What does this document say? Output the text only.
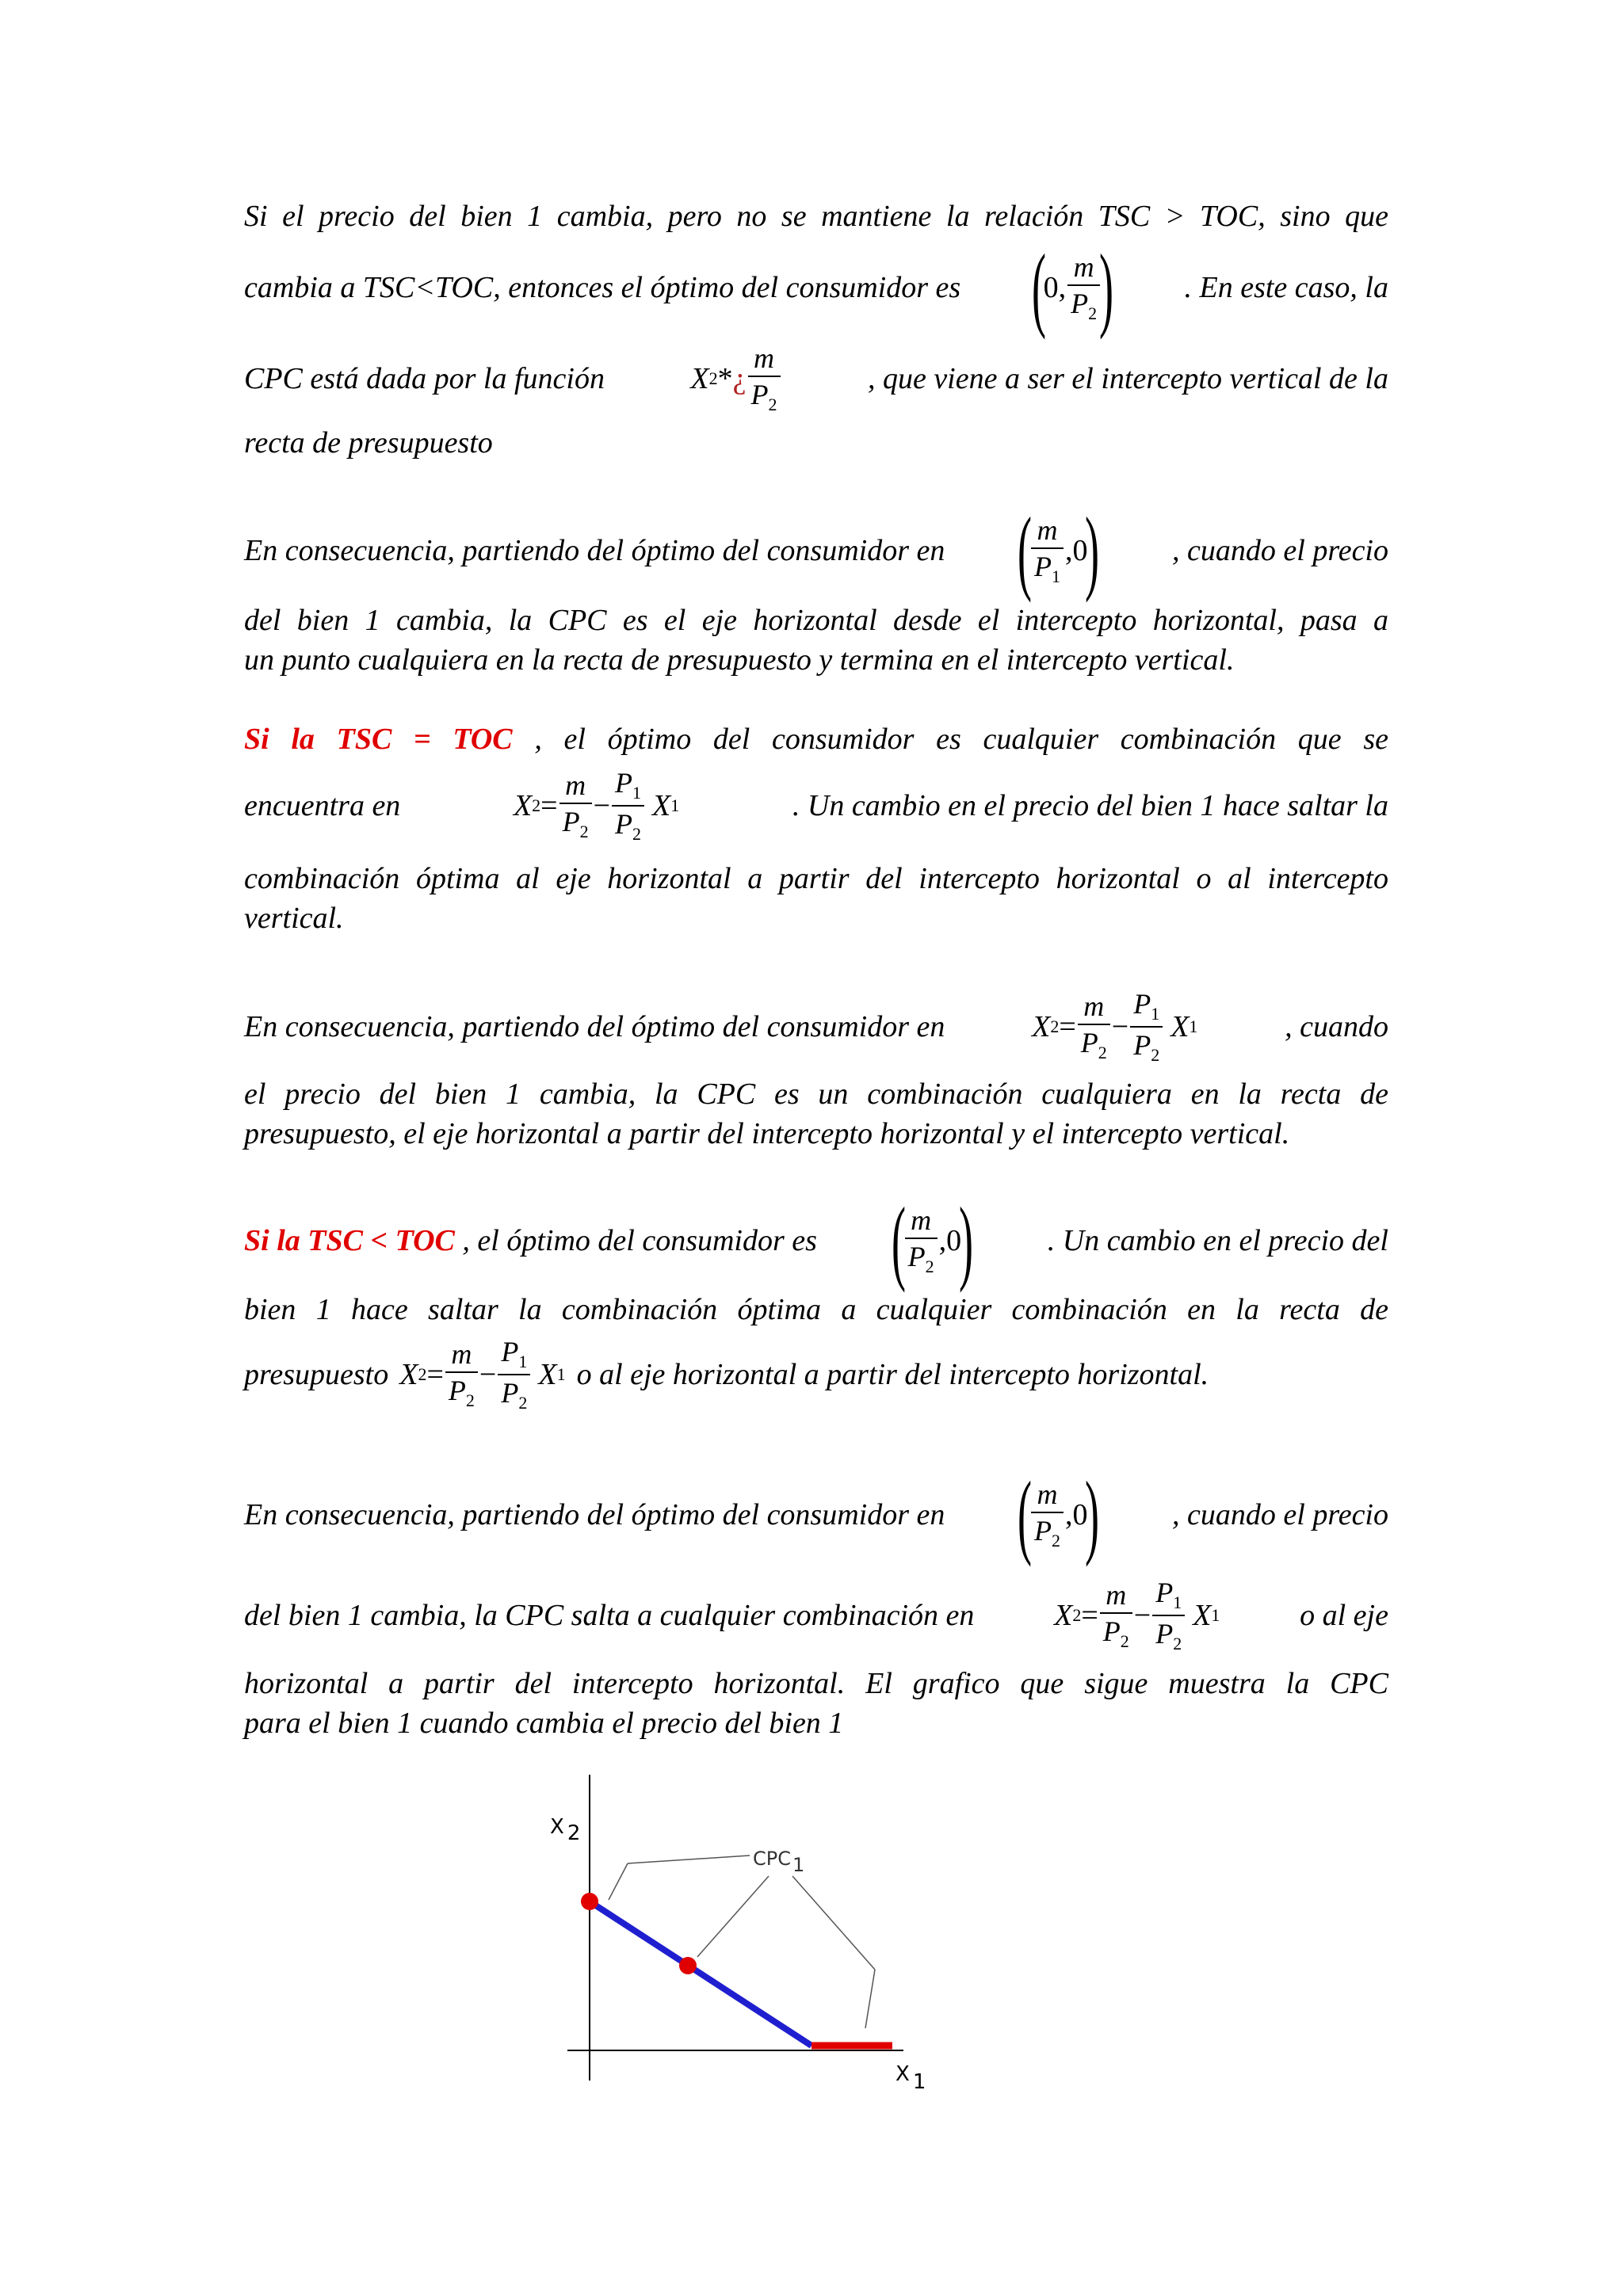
Si el precio del bien 1 cambia, pero no se mantiene la relación TSC > TOC, sino que
cambia a TSC<TOC, entonces el óptimo del consumidor es (
0 , $\frac{m}{P_2}$
) . En este caso, la
CPC está dada por la función	X 2 * ¿ $\frac{m}{P_2}$	, que viene a ser el intercepto vertical de la
recta de presupuesto
En consecuencia, partiendo del óptimo del consumidor en (
$\frac{m}{P_1}$ , 0
) , cuando el precio
del bien 1 cambia, la CPC es el eje horizontal desde el intercepto horizontal, pasa a
un punto cualquiera en la recta de presupuesto y termina en el intercepto vertical.
Si la TSC = TOC , el óptimo del consumidor es cualquier combinación que se
encuentra en	X $2 = \frac{m}{P_2} - \frac{P_1}{P_2}$ X 1	. Un cambio en el precio del bien 1 hace saltar la
combinación óptima al eje horizontal a partir del intercepto horizontal o al intercepto
vertical.
En consecuencia, partiendo del óptimo del consumidor en	X $2 = \frac{m}{P_2} - \frac{P_1}{P_2}$ X 1	, cuando
el precio del bien 1 cambia, la CPC es un combinación cualquiera en la recta de
presupuesto, el eje horizontal a partir del intercepto horizontal y el intercepto vertical.
Si la TSC < TOC , el óptimo del consumidor es (
$\frac{m}{P_2}$ , 0
) . Un cambio en el precio del
bien 1 hace saltar la combinación óptima a cualquier combinación en la recta de
presupuesto X $2 = \frac{m}{P_2} - \frac{P_1}{P_2}$ X 1 o al eje horizontal a partir del intercepto horizontal.
En consecuencia, partiendo del óptimo del consumidor en (
$\frac{m}{P_2}$ , 0
) , cuando el precio
del bien 1 cambia, la CPC salta a cualquier combinación en	X $2 = \frac{m}{P_2} - \frac{P_1}{P_2}$ X 1	o al eje
horizontal a partir del intercepto horizontal. El grafico que sigue muestra la CPC
para el bien 1 cuando cambia el precio del bien 1
X 2
X 1
CPC1
